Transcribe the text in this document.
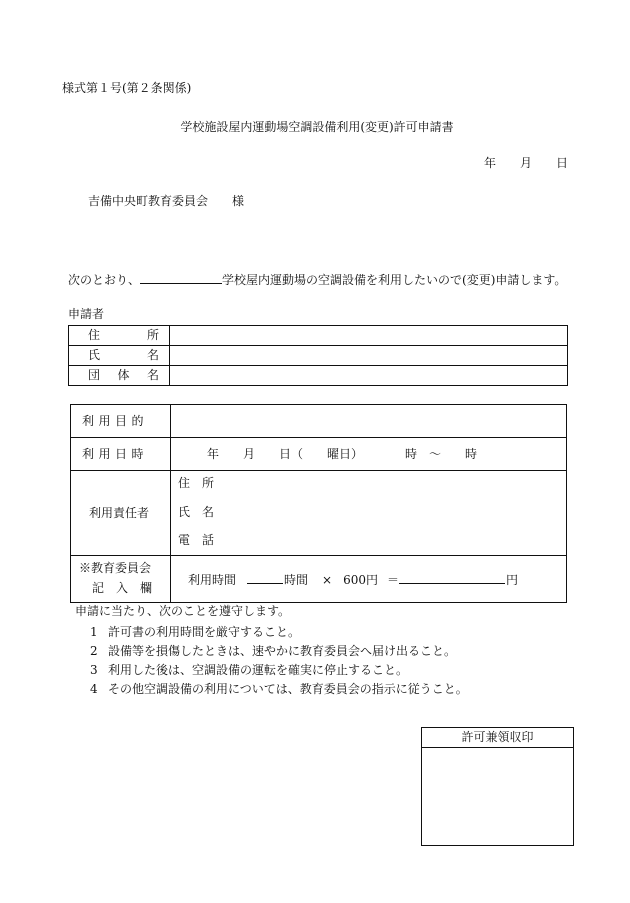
様式第１号(第２条関係)
学校施設屋内運動場空調設備利用(変更)許可申請書
年　　月　　日
吉備中央町教育委員会　　様
次のとおり、	学校屋内運動場の空調設備を利用したいので(変更)申請します。
申請者
住　　所
氏　　名
団　体　名
利用目的
利用日時	年　　月　　日（　　曜日）　　　　時　～　　時
利用責任者
住　所
氏　名
電　話
※教育委員会
記　入　欄
利用時間	時間 × 600円 ＝	円
申請に当たり、次のことを遵守します。
1 許可書の利用時間を厳守すること。
2 設備等を損傷したときは、速やかに教育委員会へ届け出ること。
3 利用した後は、空調設備の運転を確実に停止すること。
4 その他空調設備の利用については、教育委員会の指示に従うこと。
許可兼領収印
